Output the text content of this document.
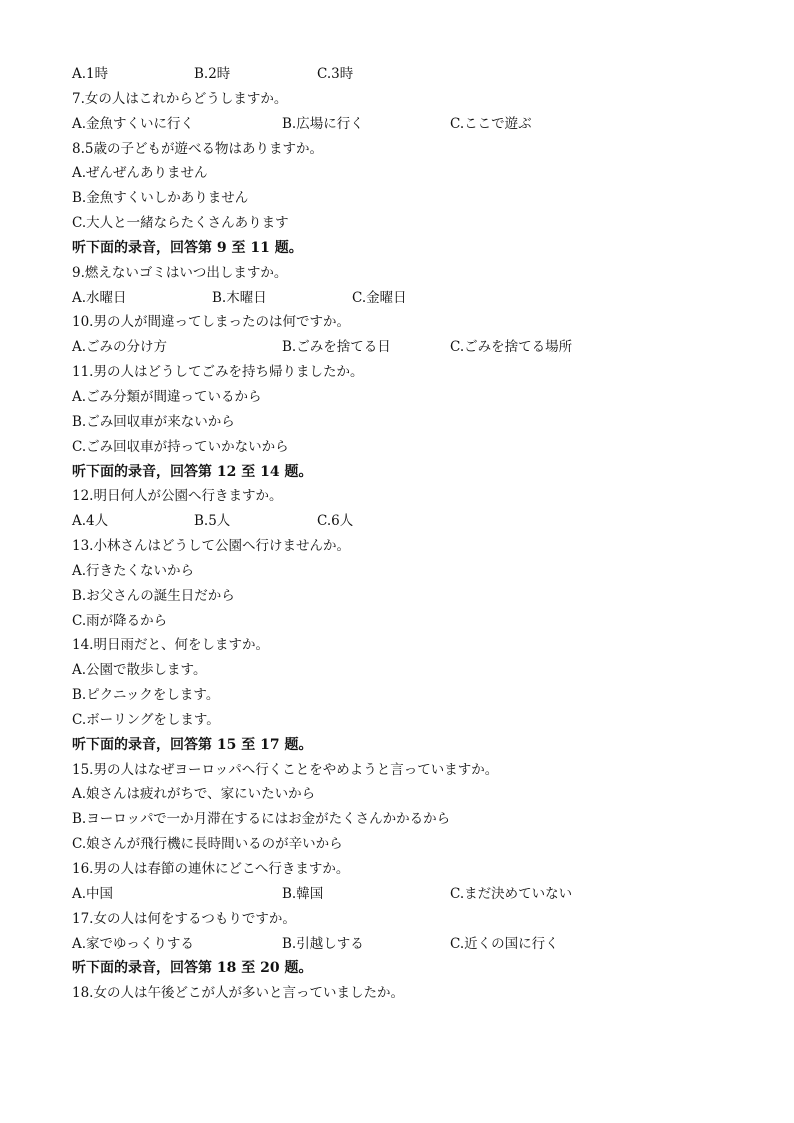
A.1時	B.2時	C.3時
7.女の人はこれからどうしますか。
A.金魚すくいに行く	B.広場に行く	C.ここで遊ぶ
8.5歳の子どもが遊べる物はありますか。
A.ぜんぜんありません
B.金魚すくいしかありません
C.大人と一緒ならたくさんあります
听下面的录音，回答第 9 至 11 题。
9.燃えないゴミはいつ出しますか。
A.水曜日	B.木曜日	C.金曜日
10.男の人が間違ってしまったのは何ですか。
A.ごみの分け方	B.ごみを捨てる日	C.ごみを捨てる場所
11.男の人はどうしてごみを持ち帰りましたか。
A.ごみ分類が間違っているから
B.ごみ回収車が来ないから
C.ごみ回収車が持っていかないから
听下面的录音，回答第 12 至 14 题。
12.明日何人が公園へ行きますか。
A.4人	B.5人	C.6人
13.小林さんはどうして公園へ行けませんか。
A.行きたくないから
B.お父さんの誕生日だから
C.雨が降るから
14.明日雨だと、何をしますか。
A.公園で散歩します。
B.ピクニックをします。
C.ボーリングをします。
听下面的录音，回答第 15 至 17 题。
15.男の人はなぜヨーロッパへ行くことをやめようと言っていますか。
A.娘さんは疲れがちで、家にいたいから
B.ヨーロッパで一か月滞在するにはお金がたくさんかかるから
C.娘さんが飛行機に長時間いるのが辛いから
16.男の人は春節の連休にどこへ行きますか。
A.中国	B.韓国	C.まだ決めていない
17.女の人は何をするつもりですか。
A.家でゆっくりする	B.引越しする	C.近くの国に行く
听下面的录音，回答第 18 至 20 题。
18.女の人は午後どこが人が多いと言っていましたか。
